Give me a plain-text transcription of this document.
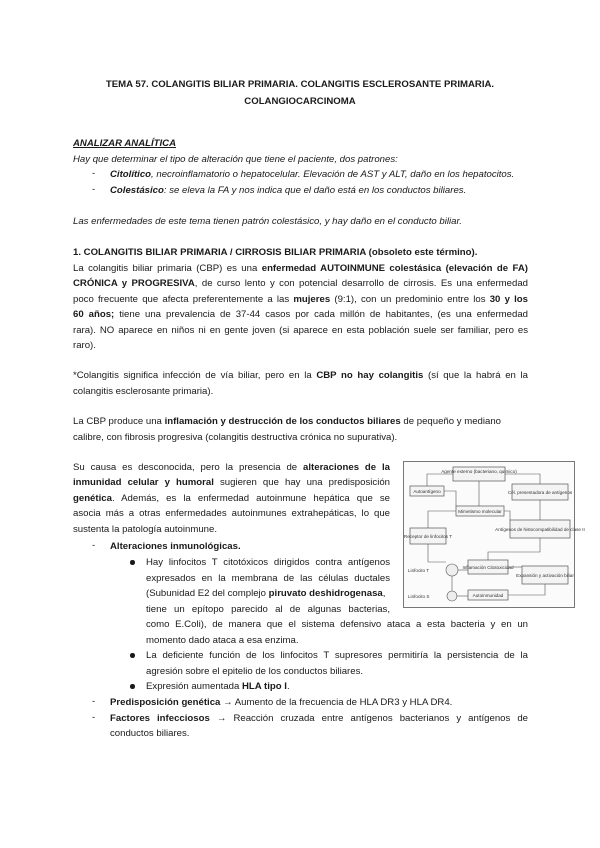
TEMA 57. COLANGITIS BILIAR PRIMARIA. COLANGITIS ESCLEROSANTE PRIMARIA.
COLANGIOCARCINOMA
ANALIZAR ANALÍTICA
Hay que determinar el tipo de alteración que tiene el paciente, dos patrones:
- Citolítico, necroinflamatorio o hepatocelular. Elevación de AST y ALT, daño en los hepatocitos.
- Colestásico: se eleva la FA y nos indica que el daño está en los conductos biliares.
Las enfermedades de este tema tienen patrón colestásico, y hay daño en el conducto biliar.
1. COLANGITIS BILIAR PRIMARIA / CIRROSIS BILIAR PRIMARIA (obsoleto este término).
La colangitis biliar primaria (CBP) es una enfermedad AUTOINMUNE colestásica (elevación de FA)
CRÓNICA y PROGRESIVA, de curso lento y con potencial desarrollo de cirrosis. Es una enfermedad
poco frecuente que afecta preferentemente a las mujeres (9:1), con un predominio entre los 30 y los
60 años; tiene una prevalencia de 37-44 casos por cada millón de habitantes, (es una enfermedad
rara). NO aparece en niños ni en gente joven (si aparece en esta población suele ser familiar, pero es
raro).
*Colangitis significa infección de vía biliar, pero en la CBP no hay colangitis (sí que la habrá en la
colangitis esclerosante primaria).
La CBP produce una inflamación y destrucción de los conductos biliares de pequeño y mediano
calibre, con fibrosis progresiva (colangitis destructiva crónica no supurativa).
Su causa es desconocida, pero la presencia de alteraciones de la
inmunidad celular y humoral sugieren que hay una predisposición
genética. Además, es la enfermedad autoinmune hepática que se
asocia más a otras enfermedades autoinmunes extrahepáticas, lo que
sustenta la patología autoinmune.
- Alteraciones inmunológicas.
Hay linfocitos T citotóxicos dirigidos contra antígenos
expresados en la membrana de las células ductales
(Subunidad E2 del complejo piruvato deshidrogenasa,
tiene un epítopo parecido al de algunas bacterias,
como E.Coli), de manera que el sistema defensivo ataca a esta bacteria y en un
momento dado ataca a esa enzima.
La deficiente función de los linfocitos T supresores permitiría la persistencia de la
agresión sobre el epitelio de los conductos biliares.
Expresión aumentada HLA tipo I.
- Predisposición genética → Aumento de la frecuencia de HLA DR3 y HLA DR4.
- Factores infecciosos → Reacción cruzada entre antígenos bacterianos y antígenos de
conductos biliares.
Agente externo (bacteriano, químico)
Autoantígeno	Cél. presentadora de antígenos
Mimetismo molecular
Receptor de linfocitos T
Antígenos de histocompatibilidad de clase II
Linfocito T
Inflamación Citotoxicidad
Expansión y activación biliar
Linfocito S	Autoinmunidad
